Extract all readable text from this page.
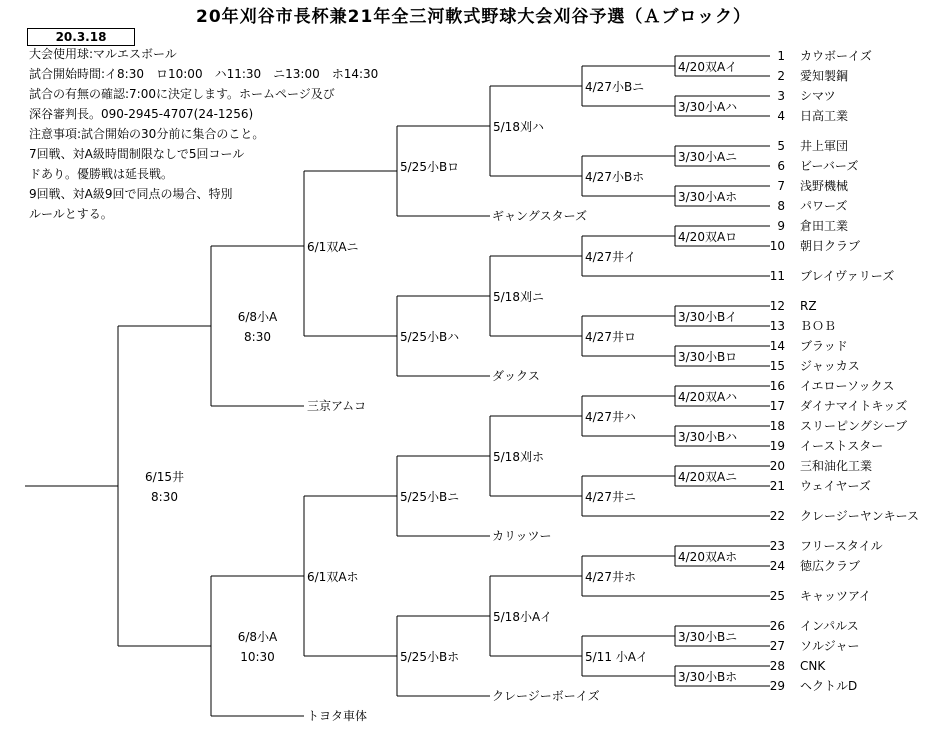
20年刈谷市長杯兼21年全三河軟式野球大会刈谷予選（Ａブロック）
20.3.18
大会使用球:マルエスボール
試合開始時間:イ8:30　ロ10:00　ハ11:30　ニ13:00　ホ14:30
試合の有無の確認:7:00に決定します。ホームページ及び
深谷審判長。090-2945-4707(24-1256)
注意事項:試合開始の30分前に集合のこと。
7回戦、対A級時間制限なしで5回コール
ドあり。優勝戦は延長戦。
9回戦、対A級9回で同点の場合、特別
ルールとする。
4/20双Aイ
3/30小Aハ
3/30小Aニ
3/30小Aホ
4/20双Aロ
3/30小Bイ
3/30小Bロ
4/20双Aハ
3/30小Bハ
4/20双Aニ
4/20双Aホ
3/30小Bニ
3/30小Bホ
4/27小Bニ
4/27小Bホ
4/27井イ
4/27井ロ
4/27井ハ
4/27井ニ
4/27井ホ
5/11 小Aイ
5/18刈ハ
5/18刈ニ
5/18刈ホ
5/18小Aイ
5/25小Bロ
5/25小Bハ
5/25小Bニ
5/25小Bホ
6/1双Aニ
6/1双Aホ
6/8小A
8:30
6/8小A
10:30
6/15井
8:30
ギャングスターズ
ダックス
三京アムコ
カリッツー
クレージーボーイズ
トヨタ車体
1 カウボーイズ
2 愛知製鋼
3 シマツ
4 日高工業
5 井上軍団
6 ビーバーズ
7 浅野機械
8 パワーズ
9 倉田工業
10 朝日クラブ
11 ブレイヴァリーズ
12 RZ
13 ＢＯＢ
14 ブラッド
15 ジャッカス
16 イエローソックス
17 ダイナマイトキッズ
18 スリーピングシーブ
19 イーストスター
20 三和油化工業
21 ウェイヤーズ
22 クレージーヤンキース
23 フリースタイル
24 徳広クラブ
25 キャッツアイ
26 インパルス
27 ソルジャー
28 CNK
29 ヘクトルD
